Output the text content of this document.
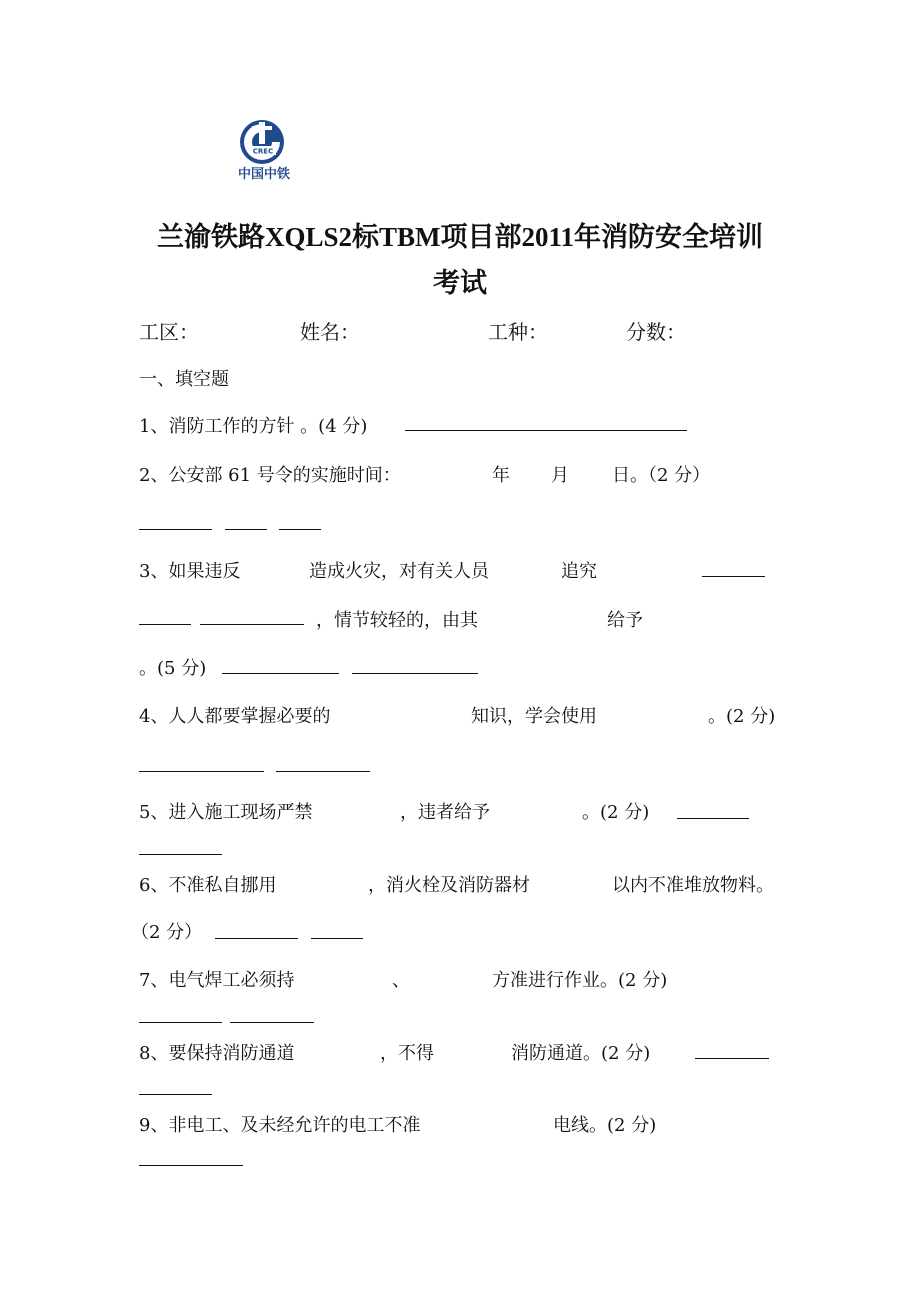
CREC
中国中铁
兰渝铁路XQLS2标TBM项目部2011年消防安全培训
考试
工区：	姓名：	工种：	分数：
一、填空题
1、消防工作的方针 。(4 分)
2、公安部 61 号令的实施时间：	年 月 日。（2 分）
3、如果违反	造成火灾，对有关人员	追究
，情节较轻的，由其	给予
。(5 分)
4、人人都要掌握必要的	知识，学会使用	。(2 分)
5、进入施工现场严禁	，违者给予	。(2 分)
6、不准私自挪用	，消火栓及消防器材	以内不准堆放物料。
（2 分）
7、电气焊工必须持	、	方准进行作业。(2 分)
8、要保持消防通道	，不得	消防通道。(2 分)
9、非电工、及未经允许的电工不准	电线。(2 分)
